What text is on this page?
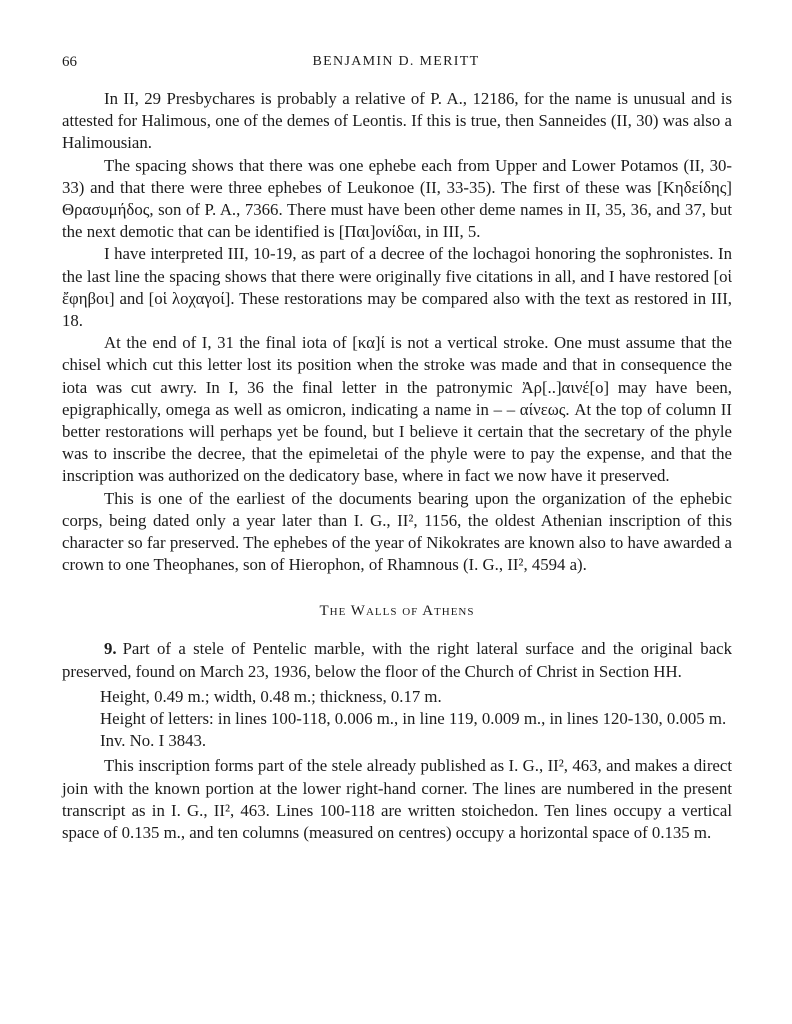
66	BENJAMIN D. MERITT

In II, 29 Presbychares is probably a relative of P. A., 12186, for the name is unusual and is attested for Halimous, one of the demes of Leontis. If this is true, then Sanneides (II, 30) was also a Halimousian.

The spacing shows that there was one ephebe each from Upper and Lower Potamos (II, 30-33) and that there were three ephebes of Leukonoe (II, 33-35). The first of these was [Κηδείδης] Θρασυμήδος, son of P. A., 7366. There must have been other deme names in II, 35, 36, and 37, but the next demotic that can be identified is [Παι]ονίδαι, in III, 5.

I have interpreted III, 10-19, as part of a decree of the lochagoi honoring the sophronistes. In the last line the spacing shows that there were originally five citations in all, and I have restored [οἱ ἔφηβοι] and [οἱ λοχαγοί]. These restorations may be compared also with the text as restored in III, 18.

At the end of I, 31 the final iota of [κα]ί is not a vertical stroke. One must assume that the chisel which cut this letter lost its position when the stroke was made and that in consequence the iota was cut awry. In I, 36 the final letter in the patronymic Ἀρ[..]αινέ[ο] may have been, epigraphically, omega as well as omicron, indicating a name in – – αίνεως. At the top of column II better restorations will perhaps yet be found, but I believe it certain that the secretary of the phyle was to inscribe the decree, that the epimeletai of the phyle were to pay the expense, and that the inscription was authorized on the dedicatory base, where in fact we now have it preserved.

This is one of the earliest of the documents bearing upon the organization of the ephebic corps, being dated only a year later than I. G., II², 1156, the oldest Athenian inscription of this character so far preserved. The ephebes of the year of Nikokrates are known also to have awarded a crown to one Theophanes, son of Hierophon, of Rhamnous (I. G., II², 4594 a).

The Walls of Athens

9. Part of a stele of Pentelic marble, with the right lateral surface and the original back preserved, found on March 23, 1936, below the floor of the Church of Christ in Section HH.

Height, 0.49 m.; width, 0.48 m.; thickness, 0.17 m.

Height of letters: in lines 100-118, 0.006 m., in line 119, 0.009 m., in lines 120-130, 0.005 m.

Inv. No. I 3843.

This inscription forms part of the stele already published as I. G., II², 463, and makes a direct join with the known portion at the lower right-hand corner. The lines are numbered in the present transcript as in I. G., II², 463. Lines 100-118 are written stoichedon. Ten lines occupy a vertical space of 0.135 m., and ten columns (measured on centres) occupy a horizontal space of 0.135 m.
